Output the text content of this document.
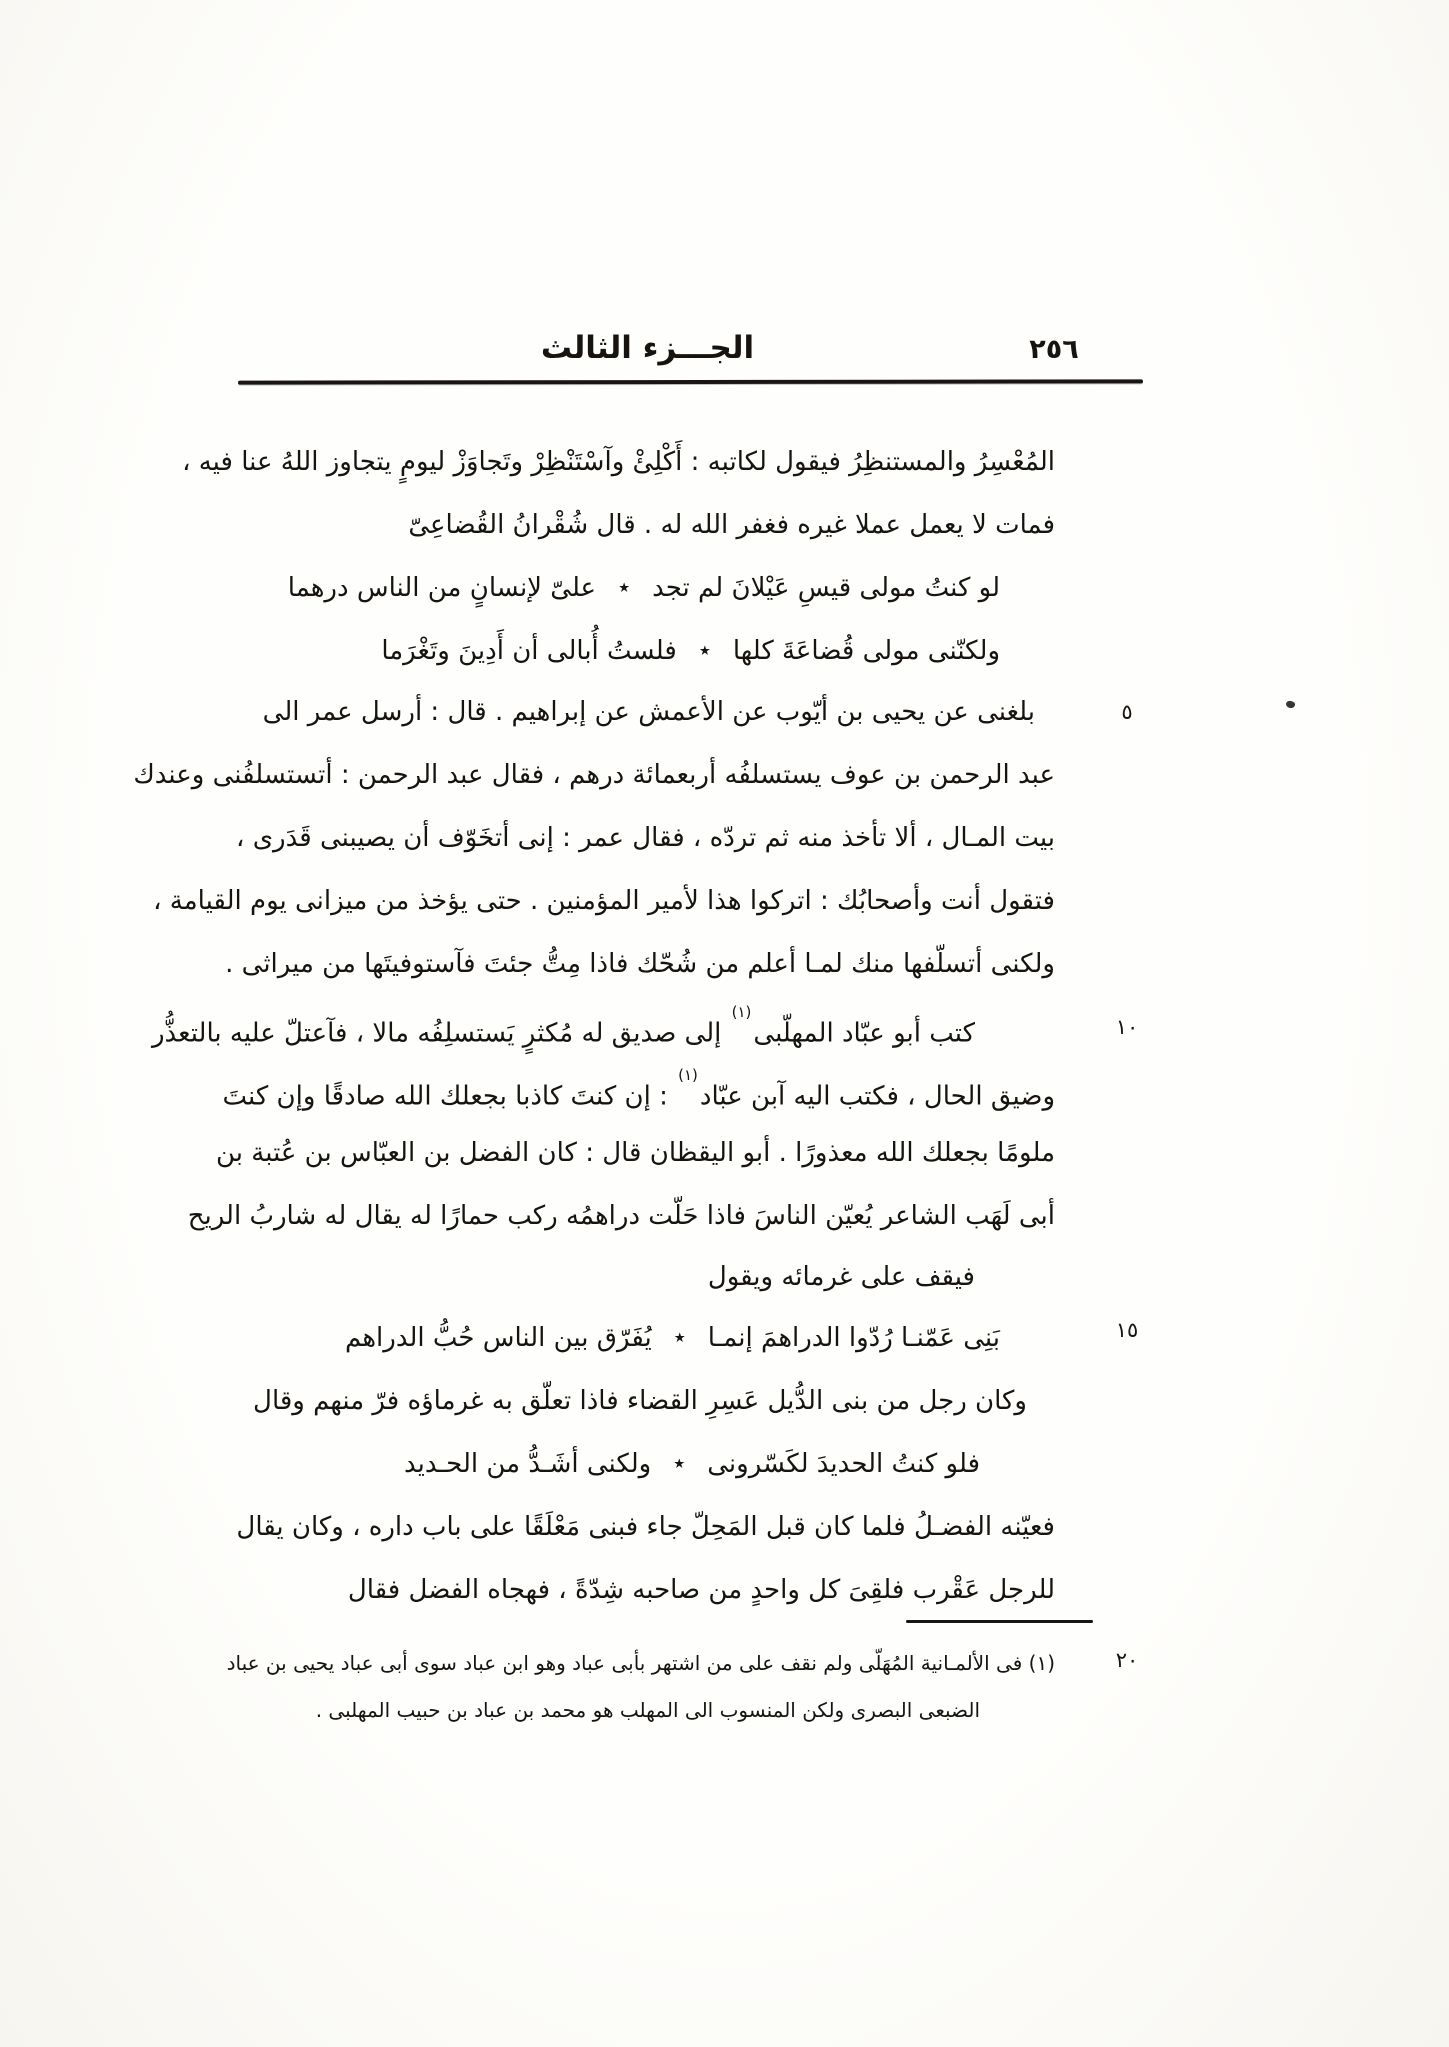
الجـــزء الثالث	٢٥٦
٥
١٠
١٥
٢٠
المُعْسِرُ والمستنظِرُ فيقول لكاتبه : أَكْلِئْ وآسْتَنْظِرْ وتَجاوَزْ ليومٍ يتجاوز اللهُ عنا فيه ،
فمات لا يعمل عملا غيره فغفر الله له . قال شُقْرانُ القُضاعِىّ
لو كنتُ مولى قيسِ عَيْلانَ لم تجد
٭
علىّ لإنسانٍ من الناس درهما
ولكنّنى مولى قُضاعَةَ كلها
٭
فلستُ أُبالى أن أَدِينَ وتَغْرَما
بلغنى عن يحيى بن أيّوب عن الأعمش عن إبراهيم . قال : أرسل عمر الى
عبد الرحمن بن عوف يستسلفُه أربعمائة درهم ، فقال عبد الرحمن : أتستسلفُنى وعندك
بيت المـال ، ألا تأخذ منه ثم تردّه ، فقال عمر : إنى أتخَوّف أن يصيبنى قَدَرى ،
فتقول أنت وأصحابُك : اتركوا هذا لأمير المؤمنين . حتى يؤخذ من ميزانى يوم القيامة ،
ولكنى أتسلّفها منك لمـا أعلم من شُحّك فاذا مِتُّ جئتَ فآستوفيتَها من ميراثى .
كتب أبو عبّاد المهلّبى$^{(١)}$ إلى صديق له مُكثرٍ يَستسلِفُه مالا ، فآعتلّ عليه بالتعذُّر
وضيق الحال ، فكتب اليه آبن عبّاد$^{(١)}$ : إن كنتَ كاذبا بجعلك الله صادقًا وإن كنتَ
ملومًا بجعلك الله معذورًا . أبو اليقظان قال : كان الفضل بن العبّاس بن عُتبة بن
أبى لَهَب الشاعر يُعيّن الناسَ فاذا حَلّت دراهمُه ركب حمارًا له يقال له شاربُ الريح
فيقف على غرمائه ويقول
بَنِى عَمّنـا رُدّوا الدراهمَ إنمـا
٭
يُفَرّق بين الناس حُبُّ الدراهم
وكان رجل من بنى الدُّيل عَسِرِ القضاء فاذا تعلّق به غرماؤه فرّ منهم وقال
فلو كنتُ الحديدَ لكَسّرونى
٭
ولكنى أشَـدُّ من الحـديد
فعيّنه الفضـلُ فلما كان قبل المَحِلّ جاء فبنى مَعْلَقًا على باب داره ، وكان يقال
للرجل عَقْرب فلقِىَ كل واحدٍ من صاحبه شِدّةً ، فهجاه الفضل فقال
(١) فى الألمـانية المُهَلّى ولم نقف على من اشتهر بأبى عباد وهو ابن عباد سوى أبى عباد يحيى بن عباد
الضبعى البصرى ولكن المنسوب الى المهلب هو محمد بن عباد بن حبيب المهلبى .
